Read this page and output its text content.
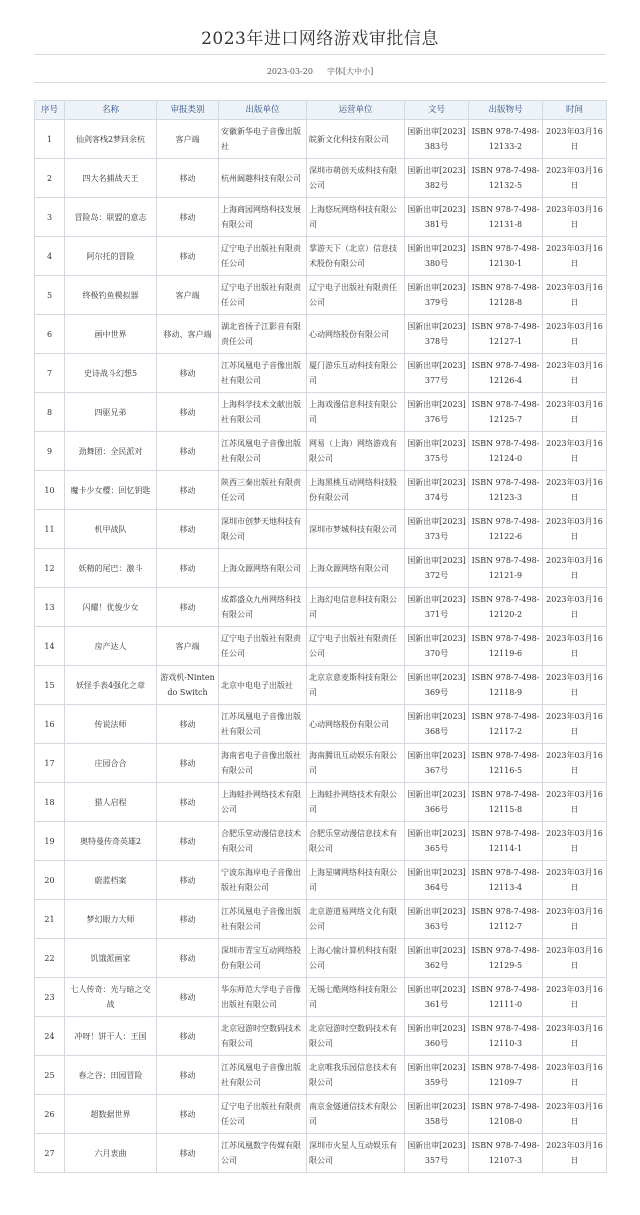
2023年进口网络游戏审批信息
2023-03-20 字体[大中小]
序号	名称	审报类别	出版单位	运营单位	文号	出版物号	时间

1	仙剑客栈2梦回余杭	客户端	安徽新华电子音像出版社	皖新文化科技有限公司	国新出审[2023]383号	ISBN 978-7-498-12133-2	2023年03月16日

2	四大名捕战天王	移动	杭州阔趣科技有限公司	深圳市萌创天成科技有限公司	国新出审[2023]382号	ISBN 978-7-498-12132-5	2023年03月16日

3	冒险岛：联盟的意志	移动	上海商园网络科技发展有限公司	上海悠玩网络科技有限公司	国新出审[2023]381号	ISBN 978-7-498-12131-8	2023年03月16日

4	阿尔托的冒险	移动	辽宁电子出版社有限责任公司	掌游天下（北京）信息技术股份有限公司	国新出审[2023]380号	ISBN 978-7-498-12130-1	2023年03月16日

5	终极钓鱼模拟器	客户端	辽宁电子出版社有限责任公司	辽宁电子出版社有限责任公司	国新出审[2023]379号	ISBN 978-7-498-12128-8	2023年03月16日

6	画中世界	移动、客户端	湖北省扬子江影音有限责任公司	心动网络股份有限公司	国新出审[2023]378号	ISBN 978-7-498-12127-1	2023年03月16日

7	史诗战斗幻想5	移动	江苏凤凰电子音像出版社有限公司	厦门游乐互动科技有限公司	国新出审[2023]377号	ISBN 978-7-498-12126-4	2023年03月16日

8	四驱兄弟	移动	上海科学技术文献出版社有限公司	上海戏漫信息科技有限公司	国新出审[2023]376号	ISBN 978-7-498-12125-7	2023年03月16日

9	劲舞团：全民派对	移动	江苏凤凰电子音像出版社有限公司	网易（上海）网络游戏有限公司	国新出审[2023]375号	ISBN 978-7-498-12124-0	2023年03月16日

10	魔卡少女樱：回忆钥匙	移动	陕西三秦出版社有限责任公司	上海黑桃互动网络科技股份有限公司	国新出审[2023]374号	ISBN 978-7-498-12123-3	2023年03月16日

11	机甲战队	移动	深圳市创梦天地科技有限公司	深圳市梦城科技有限公司	国新出审[2023]373号	ISBN 978-7-498-12122-6	2023年03月16日

12	妖精的尾巴：激斗	移动	上海众源网络有限公司	上海众源网络有限公司	国新出审[2023]372号	ISBN 978-7-498-12121-9	2023年03月16日

13	闪耀！优俊少女	移动	成都盛众九州网络科技有限公司	上海幻电信息科技有限公司	国新出审[2023]371号	ISBN 978-7-498-12120-2	2023年03月16日

14	房产达人	客户端	辽宁电子出版社有限责任公司	辽宁电子出版社有限责任公司	国新出审[2023]370号	ISBN 978-7-498-12119-6	2023年03月16日

15	妖怪手表4强化之章	游戏机-Nintendo Switch	北京中电电子出版社	北京京意麦斯科技有限公司	国新出审[2023]369号	ISBN 978-7-498-12118-9	2023年03月16日

16	传说法师	移动	江苏凤凰电子音像出版社有限公司	心动网络股份有限公司	国新出审[2023]368号	ISBN 978-7-498-12117-2	2023年03月16日

17	庄园合合	移动	海南省电子音像出版社有限公司	海南腾讯互动娱乐有限公司	国新出审[2023]367号	ISBN 978-7-498-12116-5	2023年03月16日

18	猎人启程	移动	上海蛙扑网络技术有限公司	上海蛙扑网络技术有限公司	国新出审[2023]366号	ISBN 978-7-498-12115-8	2023年03月16日

19	奥特曼传奇英雄2	移动	合肥乐堂动漫信息技术有限公司	合肥乐堂动漫信息技术有限公司	国新出审[2023]365号	ISBN 978-7-498-12114-1	2023年03月16日

20	蔚蓝档案	移动	宁波东海岸电子音像出版社有限公司	上海星啸网络科技有限公司	国新出审[2023]364号	ISBN 978-7-498-12113-4	2023年03月16日

21	梦幻眼力大师	移动	江苏凤凰电子音像出版社有限公司	北京游道易网络文化有限公司	国新出审[2023]363号	ISBN 978-7-498-12112-7	2023年03月16日

22	饥饿派画家	移动	深圳市青宝互动网络股份有限公司	上海心愉计算机科技有限公司	国新出审[2023]362号	ISBN 978-7-498-12129-5	2023年03月16日

23	七人传奇：光与暗之交战	移动	华东师范大学电子音像出版社有限公司	无锡七酷网络科技有限公司	国新出审[2023]361号	ISBN 978-7-498-12111-0	2023年03月16日

24	冲呀！饼干人：王国	移动	北京冠游时空数码技术有限公司	北京冠游时空数码技术有限公司	国新出审[2023]360号	ISBN 978-7-498-12110-3	2023年03月16日

25	春之谷：田园冒险	移动	江苏凤凰电子音像出版社有限公司	北京唯我乐园信息技术有限公司	国新出审[2023]359号	ISBN 978-7-498-12109-7	2023年03月16日

26	超数据世界	移动	辽宁电子出版社有限责任公司	南京金燧通信技术有限公司	国新出审[2023]358号	ISBN 978-7-498-12108-0	2023年03月16日

27	六月衷曲	移动	江苏凤凰数字传媒有限公司	深圳市火星人互动娱乐有限公司	国新出审[2023]357号	ISBN 978-7-498-12107-3	2023年03月16日
